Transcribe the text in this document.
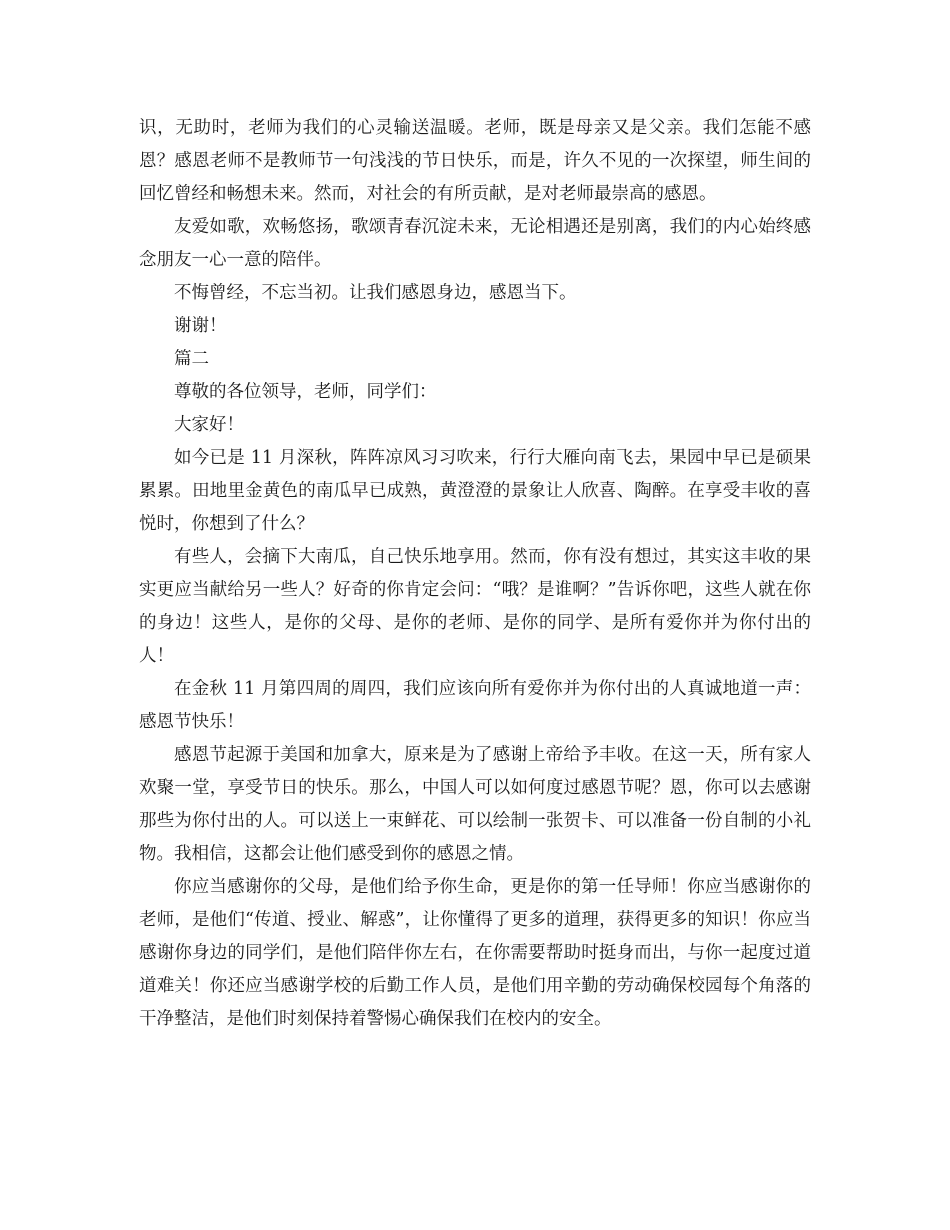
识，无助时，老师为我们的心灵输送温暖。老师，既是母亲又是父亲。我们怎能不感恩？感恩老师不是教师节一句浅浅的节日快乐，而是，许久不见的一次探望，师生间的回忆曾经和畅想未来。然而，对社会的有所贡献，是对老师最崇高的感恩。

友爱如歌，欢畅悠扬，歌颂青春沉淀未来，无论相遇还是别离，我们的内心始终感念朋友一心一意的陪伴。

不悔曾经，不忘当初。让我们感恩身边，感恩当下。

谢谢！

篇二

尊敬的各位领导，老师，同学们：

大家好！

如今已是 11 月深秋，阵阵凉风习习吹来，行行大雁向南飞去，果园中早已是硕果累累。田地里金黄色的南瓜早已成熟，黄澄澄的景象让人欣喜、陶醉。在享受丰收的喜悦时，你想到了什么？

有些人，会摘下大南瓜，自己快乐地享用。然而，你有没有想过，其实这丰收的果实更应当献给另一些人？好奇的你肯定会问：“哦？是谁啊？”告诉你吧，这些人就在你的身边！这些人，是你的父母、是你的老师、是你的同学、是所有爱你并为你付出的人！

在金秋 11 月第四周的周四，我们应该向所有爱你并为你付出的人真诚地道一声：感恩节快乐！

感恩节起源于美国和加拿大，原来是为了感谢上帝给予丰收。在这一天，所有家人欢聚一堂，享受节日的快乐。那么，中国人可以如何度过感恩节呢？恩，你可以去感谢那些为你付出的人。可以送上一束鲜花、可以绘制一张贺卡、可以准备一份自制的小礼物。我相信，这都会让他们感受到你的感恩之情。

你应当感谢你的父母，是他们给予你生命，更是你的第一任导师！你应当感谢你的老师，是他们“传道、授业、解惑”，让你懂得了更多的道理，获得更多的知识！你应当感谢你身边的同学们，是他们陪伴你左右，在你需要帮助时挺身而出，与你一起度过道道难关！你还应当感谢学校的后勤工作人员，是他们用辛勤的劳动确保校园每个角落的干净整洁，是他们时刻保持着警惕心确保我们在校内的安全。
